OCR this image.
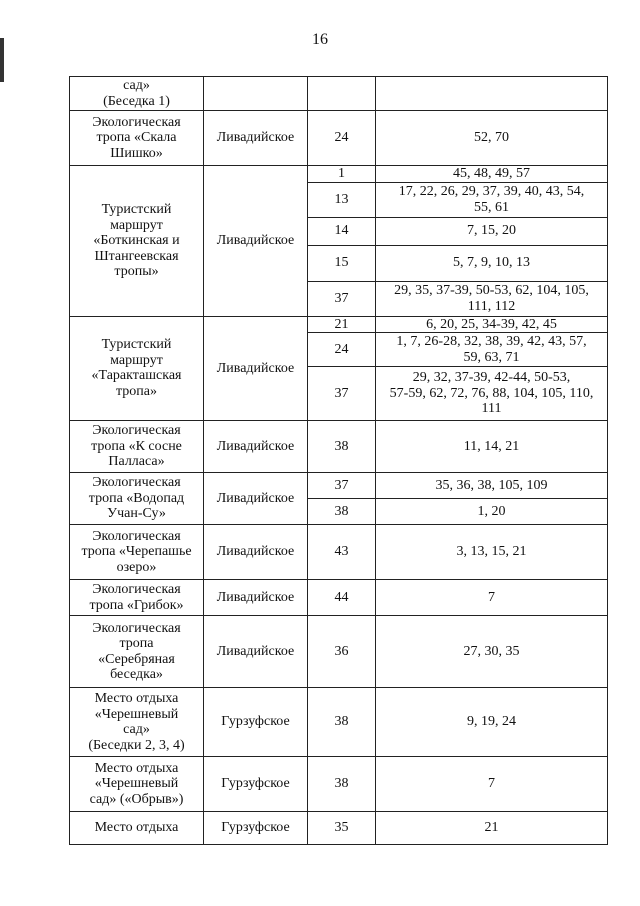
16
сад»
(Беседка 1)			
Экологическая
тропа «Скала
Шишко»	Ливадийское	24	52, 70
Туристский
маршрут
«Боткинская и
Штангеевская
тропы»	Ливадийское	1	45, 48, 49, 57
		13	17, 22, 26, 29, 37, 39, 40, 43, 54,
55, 61
		14	7, 15, 20
		15	5, 7, 9, 10, 13
		37	29, 35, 37-39, 50-53, 62, 104, 105,
111, 112
Туристский
маршрут
«Таракташская
тропа»	Ливадийское	21	6, 20, 25, 34-39, 42, 45
		24	1, 7, 26-28, 32, 38, 39, 42, 43, 57,
59, 63, 71
		37	29, 32, 37-39, 42-44, 50-53,
57-59, 62, 72, 76, 88, 104, 105, 110,
111
Экологическая
тропа «К сосне
Палласа»	Ливадийское	38	11, 14, 21
Экологическая
тропа «Водопад
Учан-Су»	Ливадийское	37	35, 36, 38, 105, 109
		38	1, 20
Экологическая
тропа «Черепашье
озеро»	Ливадийское	43	3, 13, 15, 21
Экологическая
тропа «Грибок»	Ливадийское	44	7
Экологическая
тропа
«Серебряная
беседка»	Ливадийское	36	27, 30, 35
Место отдыха
«Черешневый
сад»
(Беседки 2, 3, 4)	Гурзуфское	38	9, 19, 24
Место отдыха
«Черешневый
сад» («Обрыв»)	Гурзуфское	38	7
Место отдыха	Гурзуфское	35	21
